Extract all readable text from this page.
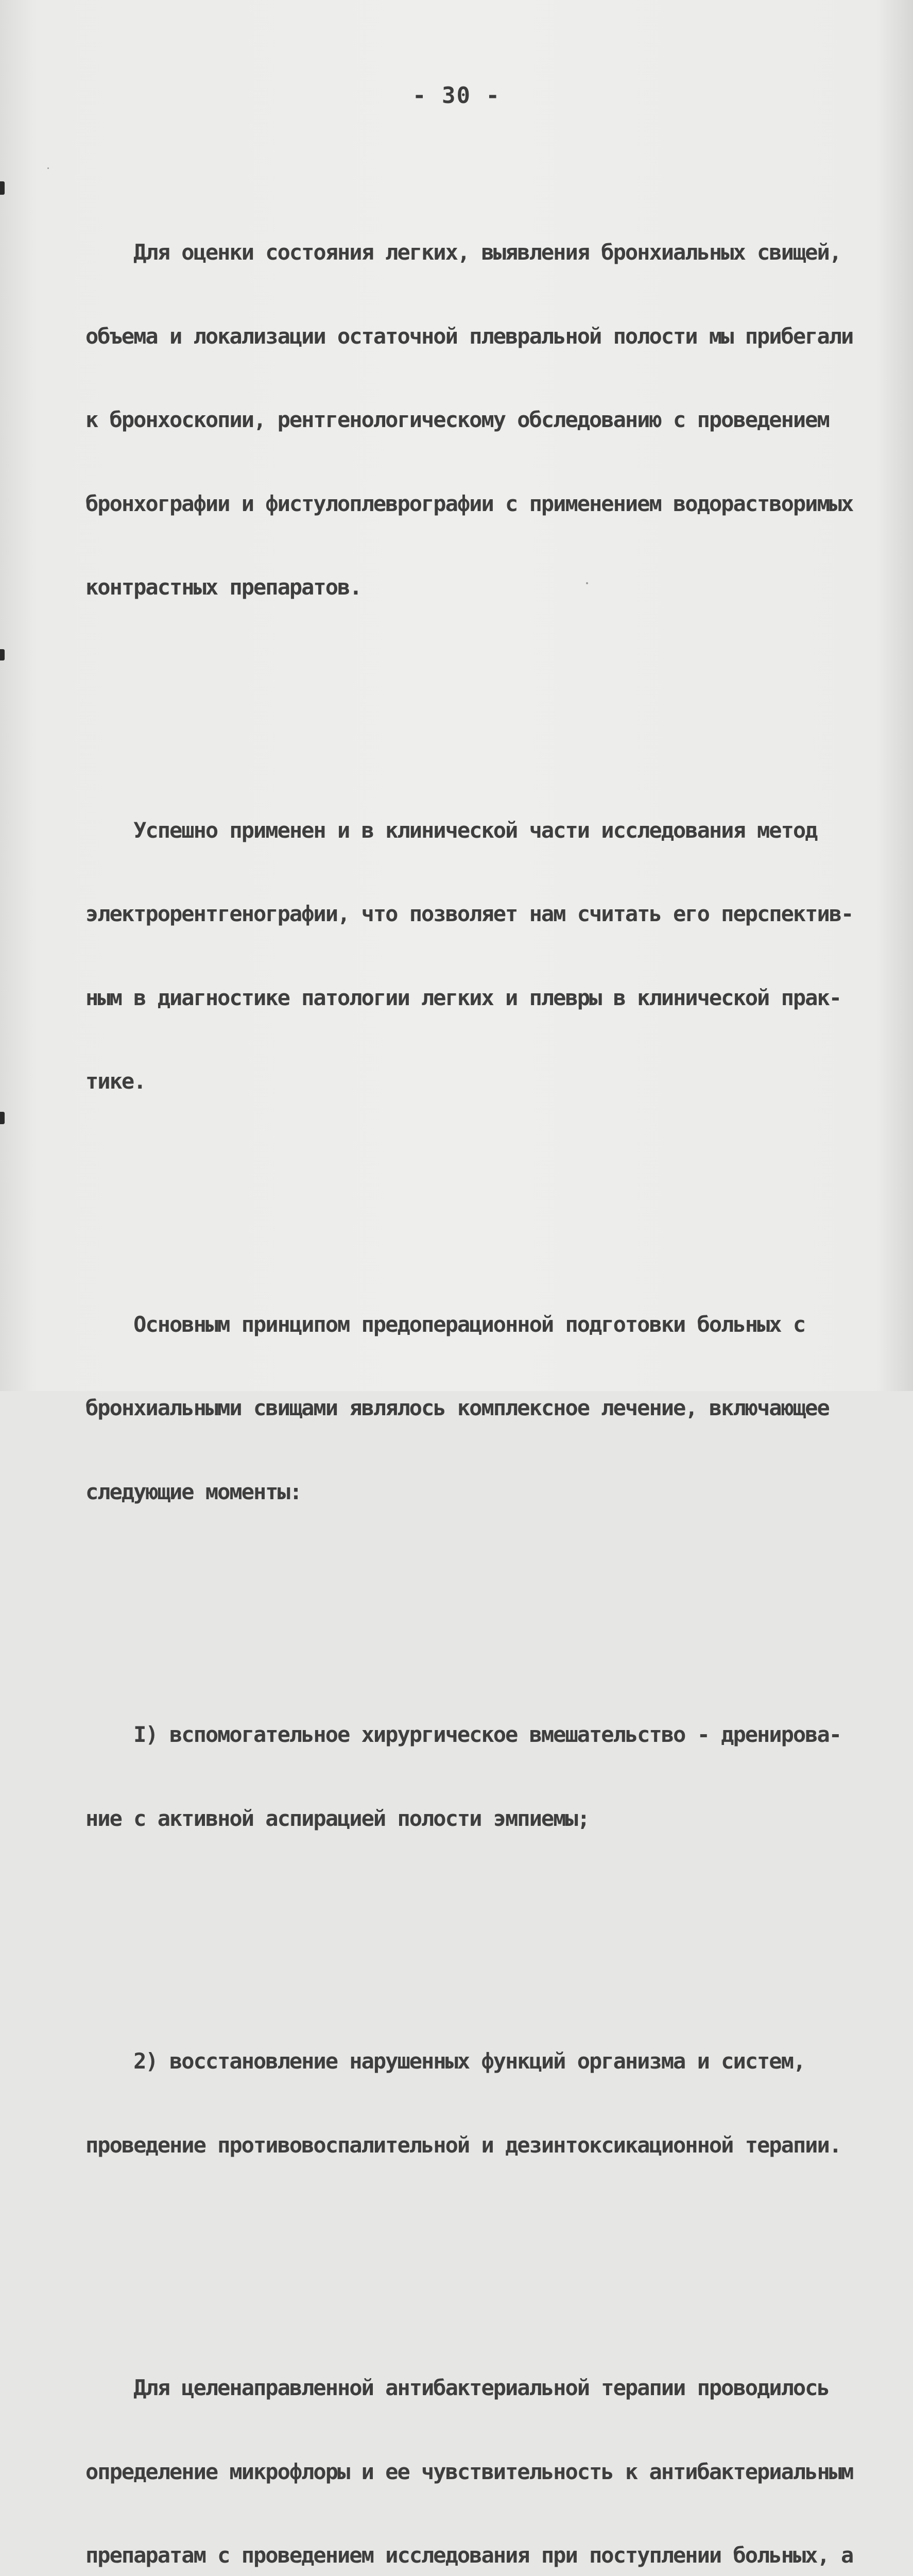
- 30 -

Для оценки состояния легких, выявления бронхиальных свищей,

объема и локализации остаточной плевральной полости мы прибегали

к бронхоскопии, рентгенологическому обследованию с проведением

бронхографии и фистулоплеврографии с применением водорастворимых

контрастных препаратов.

Успешно применен и в клинической части исследования метод

электрорентгенографии, что позволяет нам считать его перспектив-

ным в диагностике патологии легких и плевры в клинической прак-

тике.

Основным принципом предоперационной подготовки больных с

бронхиальными свищами являлось комплексное лечение, включающее

следующие моменты:

I) вспомогательное хирургическое вмешательство - дренирова-

ние с активной аспирацией полости эмпиемы;

2) восстановление нарушенных функций организма и систем,

проведение противовоспалительной и дезинтоксикационной терапии.

Для целенаправленной антибактериальной терапии проводилось

определение микрофлоры и ее чувствительность к антибактериальным

препаратам с проведением исследования при поступлении больных, а
